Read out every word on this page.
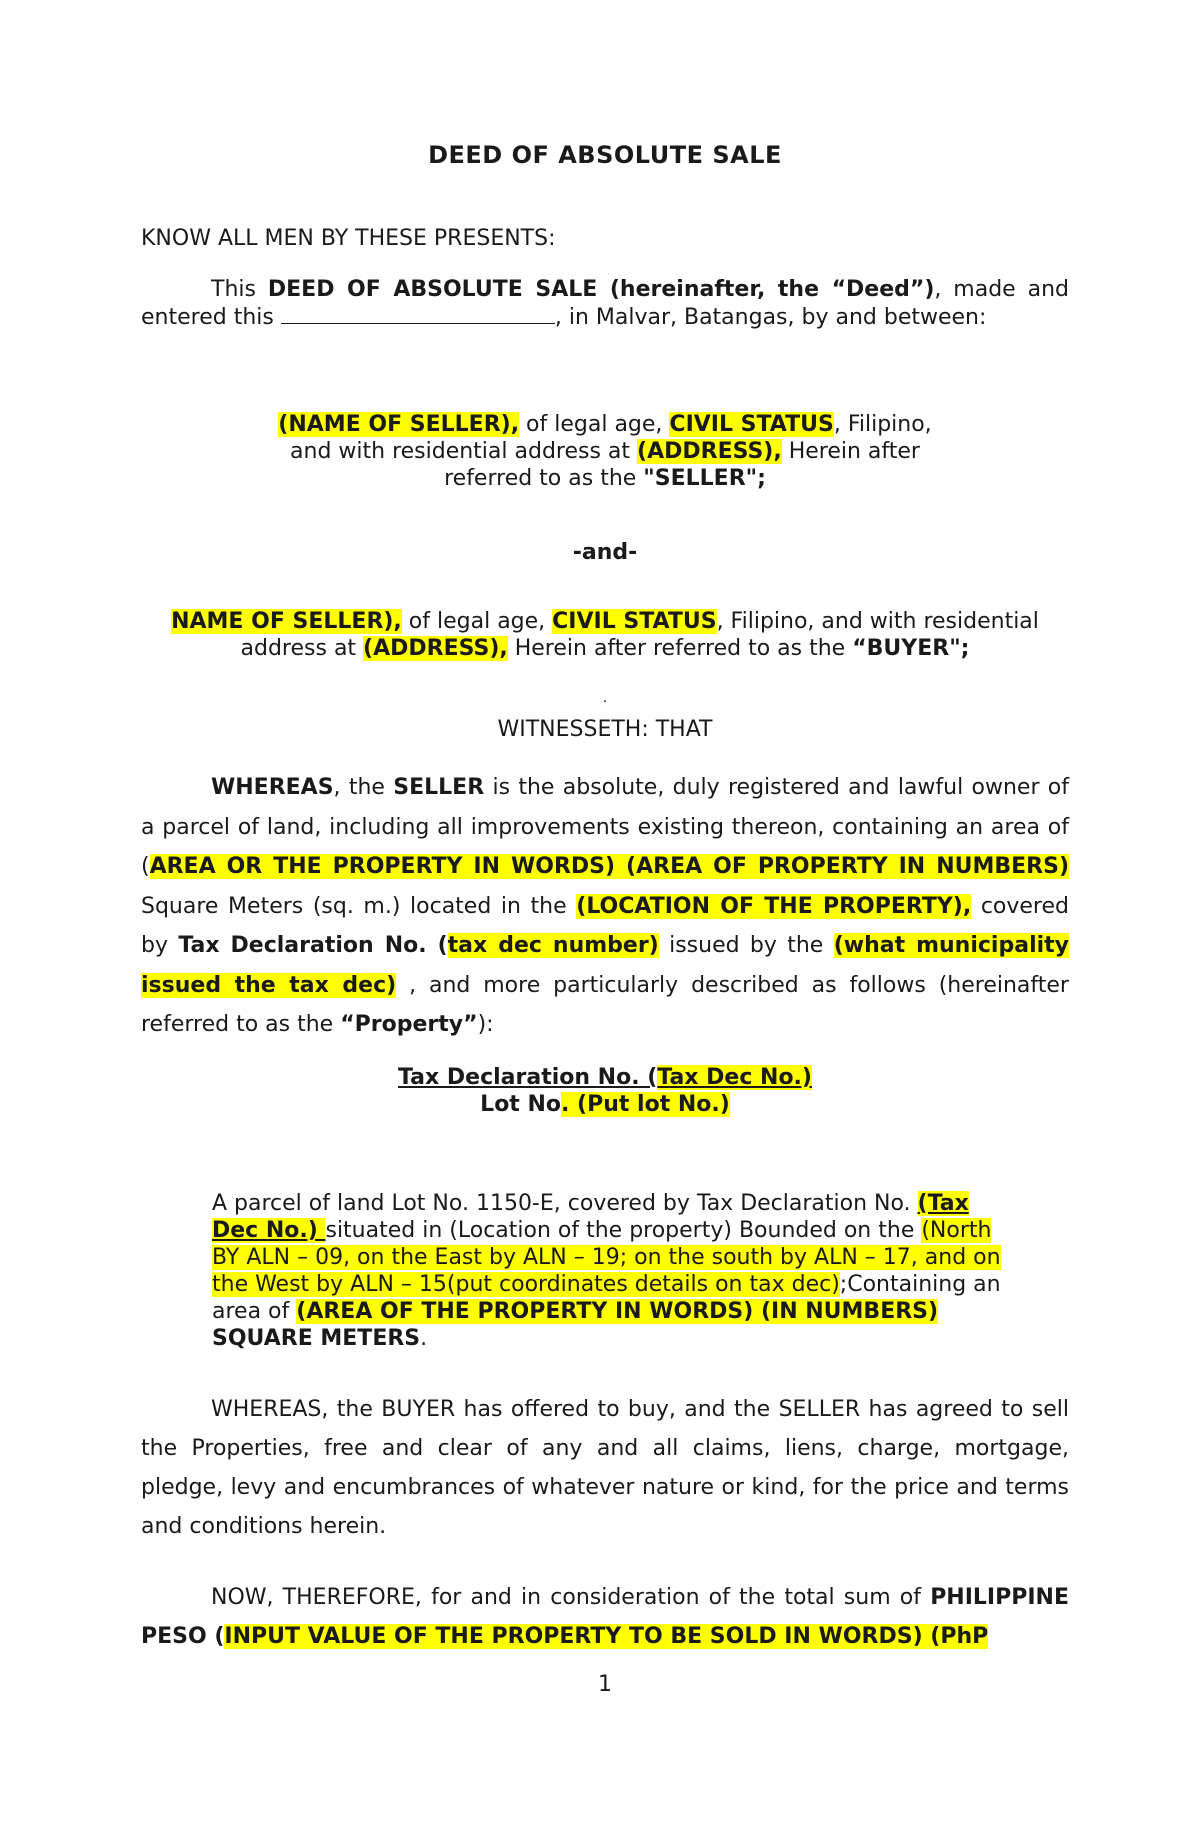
DEED OF ABSOLUTE SALE

KNOW ALL MEN BY THESE PRESENTS:

This DEED OF ABSOLUTE SALE (hereinafter, the “Deed”), made and entered this	, in Malvar, Batangas, by and between:

(NAME OF SELLER), of legal age, CIVIL STATUS, Filipino,
and with residential address at (ADDRESS), Herein after
referred to as the "SELLER";

-and-

NAME OF SELLER), of legal age, CIVIL STATUS, Filipino, and with residential address at (ADDRESS), Herein after referred to as the “BUYER";

.

WITNESSETH: THAT

WHEREAS, the SELLER is the absolute, duly registered and lawful owner of a parcel of land, including all improvements existing thereon, containing an area of (AREA OR THE PROPERTY IN WORDS) (AREA OF PROPERTY IN NUMBERS) Square Meters (sq. m.) located in the (LOCATION OF THE PROPERTY), covered by Tax Declaration No. (tax dec number) issued by the (what municipality issued the tax dec) , and more particularly described as follows (hereinafter referred to as the “Property”):

Tax Declaration No. (Tax Dec No.)
Lot No. (Put lot No.)

A parcel of land Lot No. 1150-E, covered by Tax Declaration No. (Tax Dec No.) situated in (Location of the property) Bounded on the (North BY ALN – 09, on the East by ALN – 19; on the south by ALN – 17, and on the West by ALN – 15(put coordinates details on tax dec);Containing an area of (AREA OF THE PROPERTY IN WORDS) (IN NUMBERS) SQUARE METERS.

WHEREAS, the BUYER has offered to buy, and the SELLER has agreed to sell the Properties, free and clear of any and all claims, liens, charge, mortgage, pledge, levy and encumbrances of whatever nature or kind, for the price and terms and conditions herein.

NOW, THEREFORE, for and in consideration of the total sum of PHILIPPINE PESO (INPUT VALUE OF THE PROPERTY TO BE SOLD IN WORDS) (PhP

1
